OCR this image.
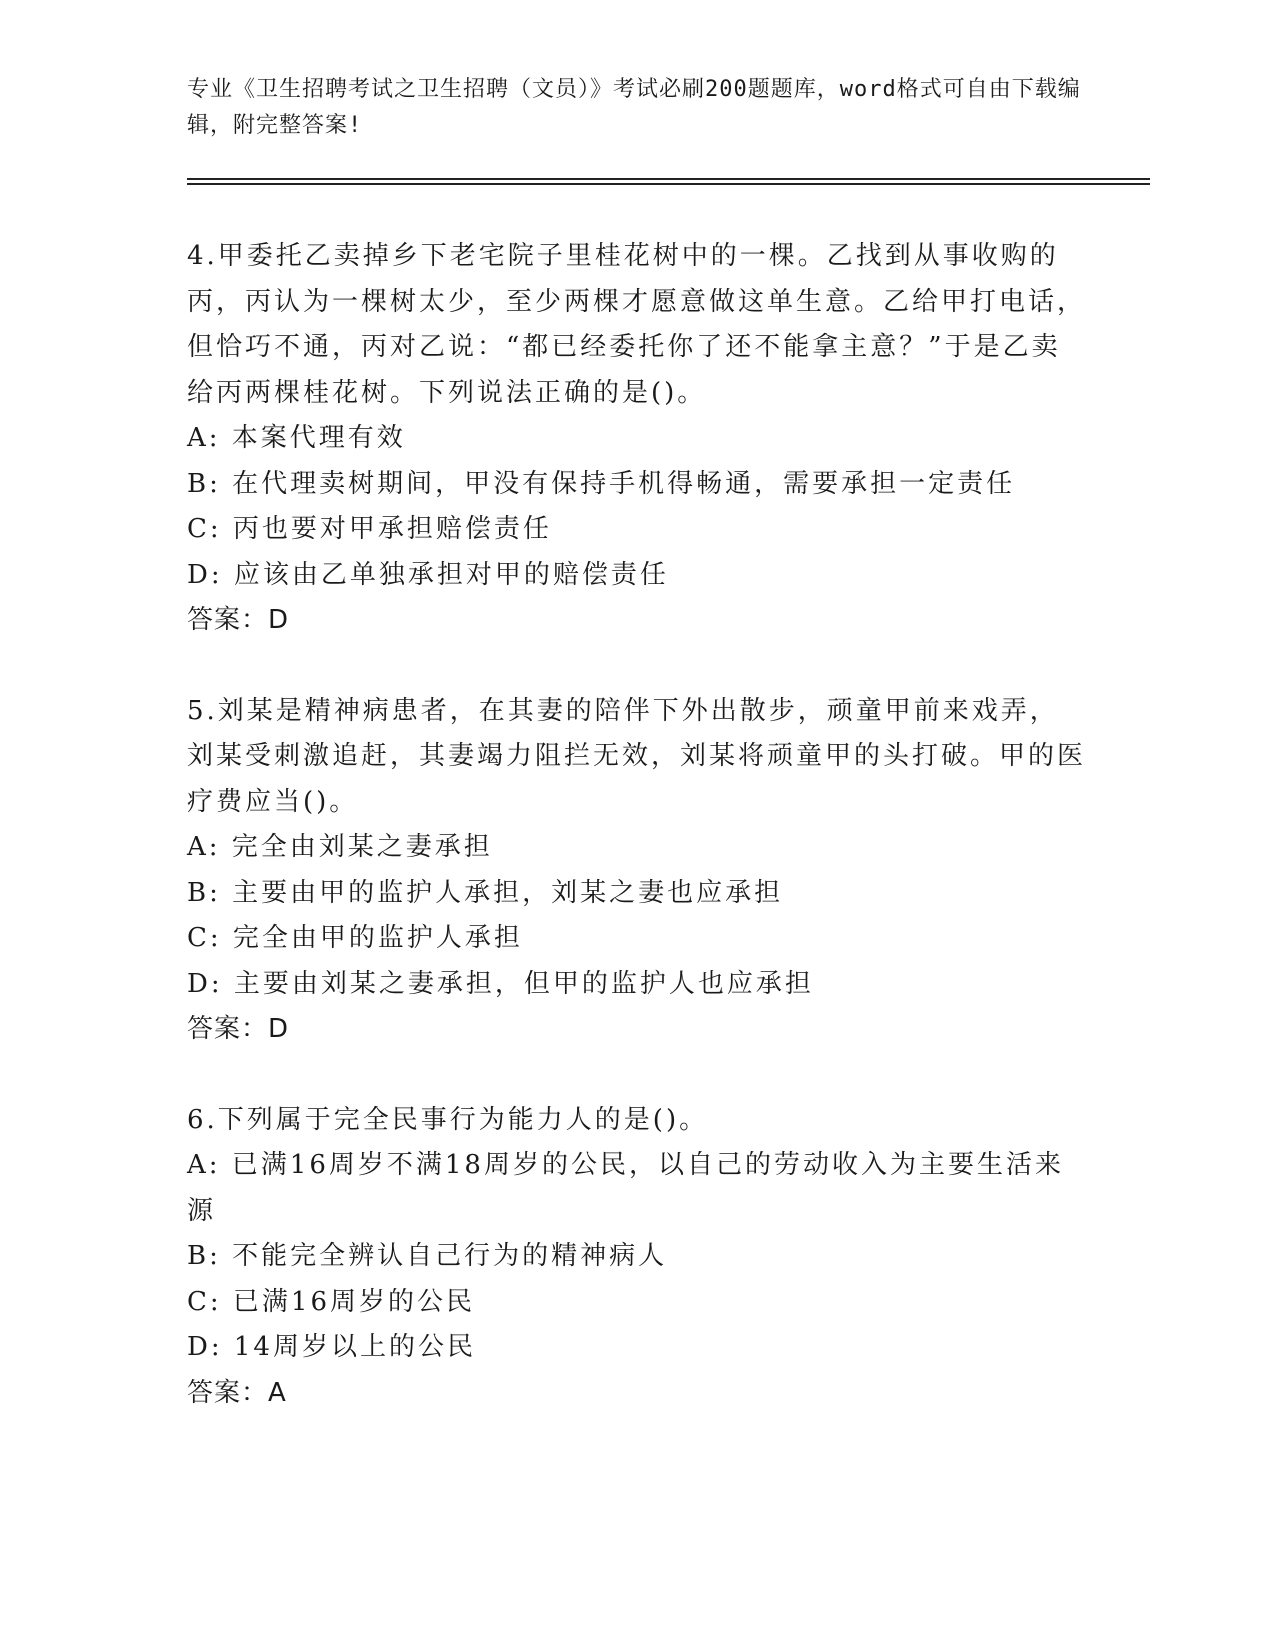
专业《卫生招聘考试之卫生招聘（文员）》考试必刷200题题库，word格式可自由下载编辑，附完整答案!

4.甲委托乙卖掉乡下老宅院子里桂花树中的一棵。乙找到从事收购的丙，丙认为一棵树太少，至少两棵才愿意做这单生意。乙给甲打电话，但恰巧不通，丙对乙说：“都已经委托你了还不能拿主意？”于是乙卖给丙两棵桂花树。下列说法正确的是()。

A: 本案代理有效

B: 在代理卖树期间，甲没有保持手机得畅通，需要承担一定责任

C: 丙也要对甲承担赔偿责任

D: 应该由乙单独承担对甲的赔偿责任

答案：D

5.刘某是精神病患者，在其妻的陪伴下外出散步，顽童甲前来戏弄，刘某受刺激追赶，其妻竭力阻拦无效，刘某将顽童甲的头打破。甲的医疗费应当()。

A: 完全由刘某之妻承担

B: 主要由甲的监护人承担，刘某之妻也应承担

C: 完全由甲的监护人承担

D: 主要由刘某之妻承担，但甲的监护人也应承担

答案：D

6.下列属于完全民事行为能力人的是()。

A: 已满16周岁不满18周岁的公民，以自己的劳动收入为主要生活来源

B: 不能完全辨认自己行为的精神病人

C: 已满16周岁的公民

D: 14周岁以上的公民

答案：A
